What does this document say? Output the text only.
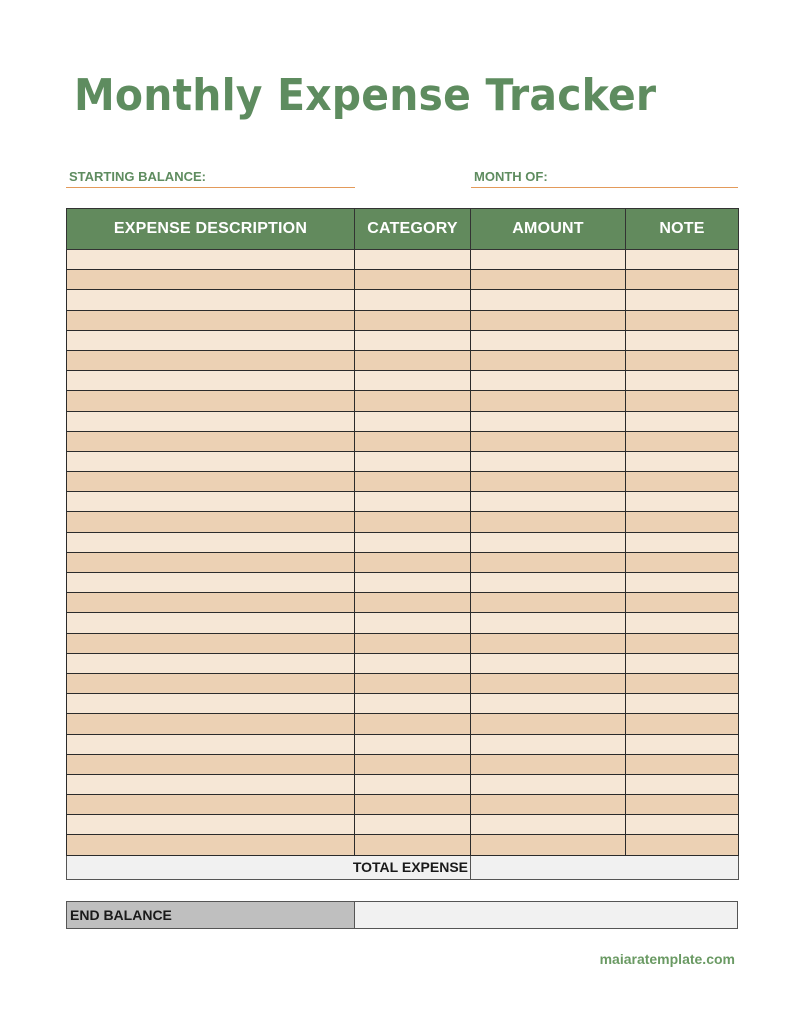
Monthly Expense Tracker
STARTING BALANCE:	MONTH OF:
EXPENSE DESCRIPTION	CATEGORY	AMOUNT	NOTE

TOTAL EXPENSE			
END BALANCE
maiaratemplate.com
